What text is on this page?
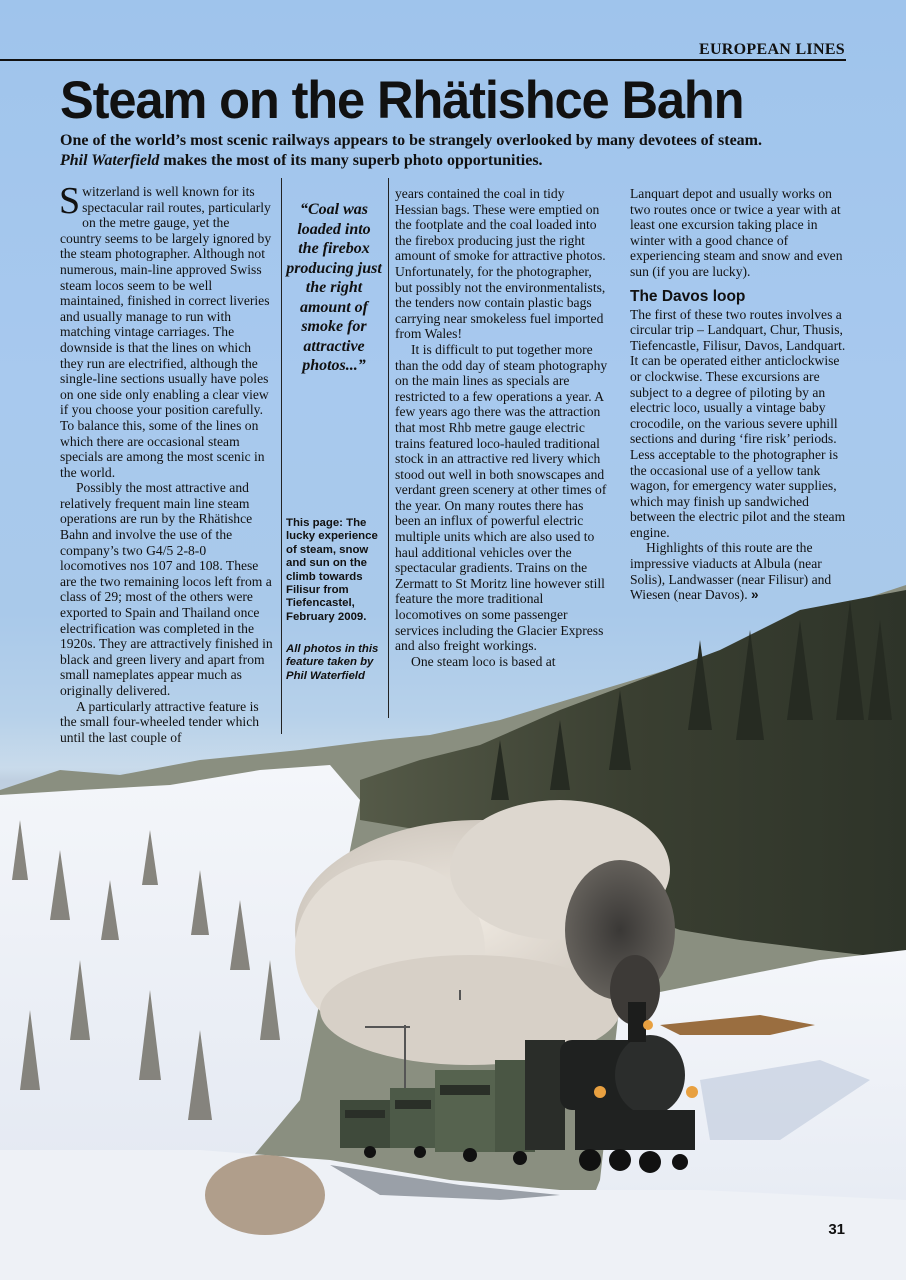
EUROPEAN LINES
Steam on the Rhätishce Bahn
One of the world’s most scenic railways appears to be strangely overlooked by many devotees of steam.
Phil Waterfield makes the most of its many superb photo opportunities.

Switzerland is well known for its spectacular rail routes, particularly on the metre gauge, yet the country seems to be largely ignored by the steam photographer. Although not numerous, main-line approved Swiss steam locos seem to be well maintained, finished in correct liveries and usually manage to run with matching vintage carriages. The downside is that the lines on which they run are electrified, although the single-line sections usually have poles on one side only enabling a clear view if you choose your position carefully. To balance this, some of the lines on which there are occasional steam specials are among the most scenic in the world.

Possibly the most attractive and relatively frequent main line steam operations are run by the Rhätishce Bahn and involve the use of the company’s two G4/5 2-8-0 locomotives nos 107 and 108. These are the two remaining locos left from a class of 29; most of the others were exported to Spain and Thailand once electrification was completed in the 1920s. They are attractively finished in black and green livery and apart from small nameplates appear much as originally delivered.

A particularly attractive feature is the small four-wheeled tender which until the last couple of

“Coal was loaded into the firebox producing just the right amount of smoke for attractive photos...”
This page: The lucky experience of steam, snow and sun on the climb towards Filisur from Tiefencastel, February 2009.
All photos in this feature taken by Phil Waterfield

years contained the coal in tidy Hessian bags. These were emptied on the footplate and the coal loaded into the firebox producing just the right amount of smoke for attractive photos. Unfortunately, for the photographer, but possibly not the environmentalists, the tenders now contain plastic bags carrying near smokeless fuel imported from Wales!

It is difficult to put together more than the odd day of steam photography on the main lines as specials are restricted to a few operations a year. A few years ago there was the attraction that most Rhb metre gauge electric trains featured loco-hauled traditional stock in an attractive red livery which stood out well in both snowscapes and verdant green scenery at other times of the year. On many routes there has been an influx of powerful electric multiple units which are also used to haul additional vehicles over the spectacular gradients. Trains on the Zermatt to St Moritz line however still feature the more traditional locomotives on some passenger services including the Glacier Express and also freight workings.

One steam loco is based at

Lanquart depot and usually works on two routes once or twice a year with at least one excursion taking place in winter with a good chance of experiencing steam and snow and even sun (if you are lucky).

The Davos loop

The first of these two routes involves a circular trip – Landquart, Chur, Thusis, Tiefencastle, Filisur, Davos, Landquart. It can be operated either anticlockwise or clockwise. These excursions are subject to a degree of piloting by an electric loco, usually a vintage baby crocodile, on the various severe uphill sections and during ‘fire risk’ periods. Less acceptable to the photographer is the occasional use of a yellow tank wagon, for emergency water supplies, which may finish up sandwiched between the electric pilot and the steam engine.

Highlights of this route are the impressive viaducts at Albula (near Solis), Landwasser (near Filisur) and Wiesen (near Davos). »

31
